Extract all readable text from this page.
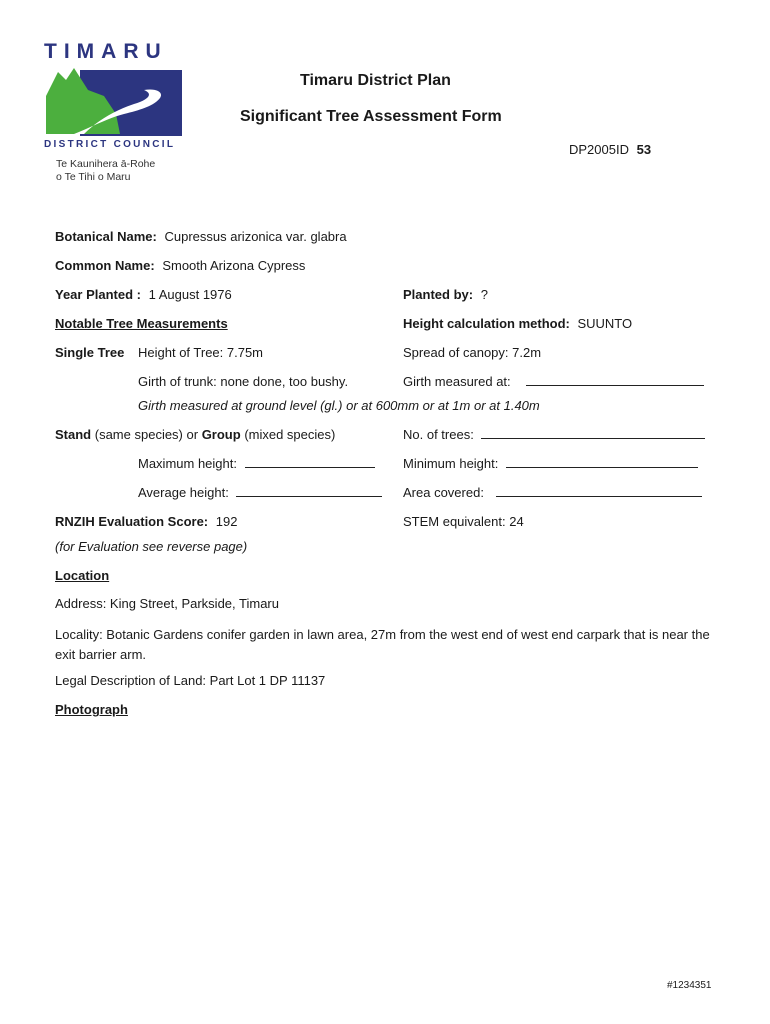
TIMARU
DISTRICT COUNCIL
Te Kaunihera ā-Rohe
o Te Tihi o Maru
Timaru District Plan
Significant Tree Assessment Form
DP2005ID 53
Botanical Name: Cupressus arizonica var. glabra
Common Name: Smooth Arizona Cypress
Year Planted : 1 August 1976	Planted by: ?
Notable Tree Measurements	Height calculation method: SUUNTO
Single Tree Height of Tree: 7.75m	Spread of canopy: 7.2m
Girth of trunk: none done, too bushy.	Girth measured at:
Girth measured at ground level (gl.) or at 600mm or at 1m or at 1.40m
Stand (same species) or Group (mixed species)	No. of trees:
Maximum height:	Minimum height:
Average height:	Area covered:
RNZIH Evaluation Score: 192	STEM equivalent: 24
(for Evaluation see reverse page)
Location
Address: King Street, Parkside, Timaru
Locality: Botanic Gardens conifer garden in lawn area, 27m from the west end of west end carpark that is near the exit barrier arm.
Legal Description of Land: Part Lot 1 DP 11137
Photograph
#1234351
